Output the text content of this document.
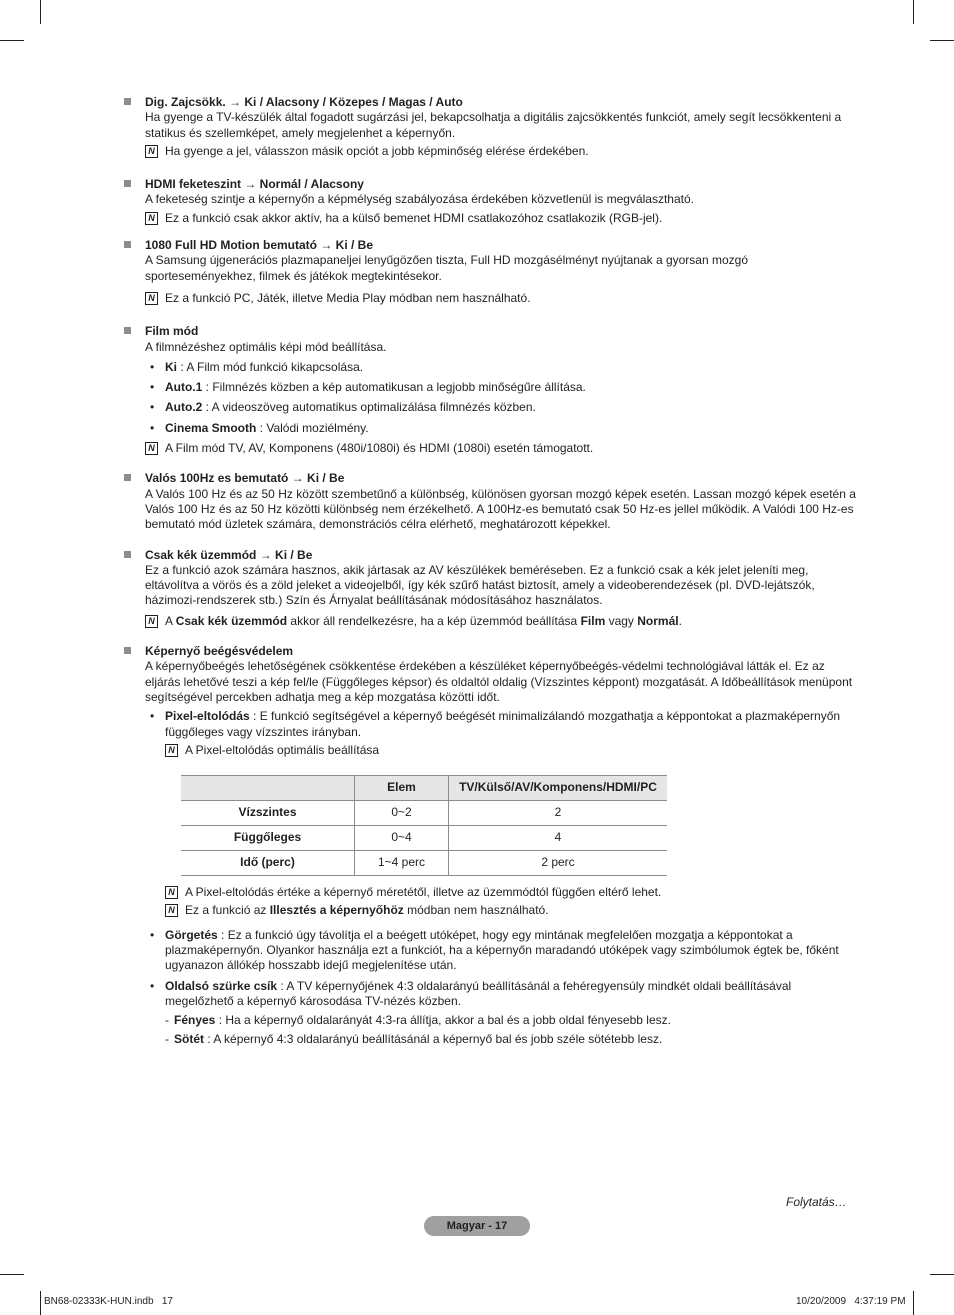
Dig. Zajcsökk. → Ki / Alacsony / Közepes / Magas / Auto

Ha gyenge a TV-készülék által fogadott sugárzási jel, bekapcsolhatja a digitális zajcsökkentés funkciót, amely segít lecsökkenteni a statikus és szellemképet, amely megjelenhet a képernyőn.

N Ha gyenge a jel, válasszon másik opciót a jobb képminőség elérése érdekében.
HDMI feketeszint → Normál / Alacsony

A feketeség szintje a képernyőn a képmélység szabályozása érdekében közvetlenül is megválasztható.

N Ez a funkció csak akkor aktív, ha a külső bemenet HDMI csatlakozóhoz csatlakozik (RGB-jel).
1080 Full HD Motion bemutató → Ki / Be

A Samsung újgenerációs plazmapaneljei lenyűgözően tiszta, Full HD mozgásélményt nyújtanak a gyorsan mozgó sporteseményekhez, filmek és játékok megtekintésekor.

N Ez a funkció PC, Játék, illetve Media Play módban nem használható.
Film mód

A filmnézéshez optimális képi mód beállítása.

• Ki : A Film mód funkció kikapcsolása.
• Auto.1 : Filmnézés közben a kép automatikusan a legjobb minőségűre állítása.
• Auto.2 : A videoszöveg automatikus optimalizálása filmnézés közben.
• Cinema Smooth : Valódi moziélmény.
N A Film mód TV, AV, Komponens (480i/1080i) és HDMI (1080i) esetén támogatott.
Valós 100Hz es bemutató → Ki / Be

A Valós 100 Hz és az 50 Hz között szembetűnő a különbség, különösen gyorsan mozgó képek esetén. Lassan mozgó képek esetén a Valós 100 Hz és az 50 Hz közötti különbség nem érzékelhető. A 100Hz-es bemutató csak 50 Hz-es jellel működik. A Valódi 100 Hz-es bemutató mód üzletek számára, demonstrációs célra elérhető, meghatározott képekkel.

Csak kék üzemmód → Ki / Be

Ez a funkció azok számára hasznos, akik jártasak az AV készülékek beméréseben. Ez a funkció csak a kék jelet jeleníti meg, eltávolítva a vörös és a zöld jeleket a videojelből, így kék szűrő hatást biztosít, amely a videoberendezések (pl. DVD-lejátszók, házimozi-rendszerek stb.) Szín és Árnyalat beállításának módosításához használatos.

N A Csak kék üzemmód akkor áll rendelkezésre, ha a kép üzemmód beállítása Film vagy Normál.
Képernyő beégésvédelem

A képernyőbeégés lehetőségének csökkentése érdekében a készüléket képernyőbeégés-védelmi technológiával látták el. Ez az eljárás lehetővé teszi a kép fel/le (Függőleges képsor) és oldaltól oldalig (Vízszintes képpont) mozgatását. A Időbeállítások menüpont segítségével percekben adhatja meg a kép mozgatása közötti időt.

• Pixel-eltolódás : E funkció segítségével a képernyő beégését minimalizálandó mozgathatja a képpontokat a plazmaképernyőn függőleges vagy vízszintes irányban.
N A Pixel-eltolódás optimális beállítása
	Elem	TV/Külső/AV/Komponens/HDMI/PC
Vízszintes	0~2	2
Függőleges	0~4	4
Idő (perc)	1~4 perc	2 perc
N A Pixel-eltolódás értéke a képernyő méretétől, illetve az üzemmódtól függően eltérő lehet.
N Ez a funkció az Illesztés a képernyőhöz módban nem használható.
• Görgetés : Ez a funkció úgy távolítja el a beégett utóképet, hogy egy mintának megfelelően mozgatja a képpontokat a plazmaképernyőn. Olyankor használja ezt a funkciót, ha a képernyőn maradandó utóképek vagy szimbólumok égtek be, főként ugyanazon állókép hosszabb idejű megjelenítése után.
• Oldalsó szürke csík : A TV képernyőjének 4:3 oldalarányú beállításánál a fehéregyensúly mindkét oldali beállításával megelőzhető a képernyő károsodása TV-nézés közben.
- Fényes : Ha a képernyő oldalarányát 4:3-ra állítja, akkor a bal és a jobb oldal fényesebb lesz.
- Sötét : A képernyő 4:3 oldalarányú beállításánál a képernyő bal és jobb széle sötétebb lesz.
Folytatás…
Magyar - 17
BN68-02333K-HUN.indb   17	10/20/2009   4:37:19 PM
